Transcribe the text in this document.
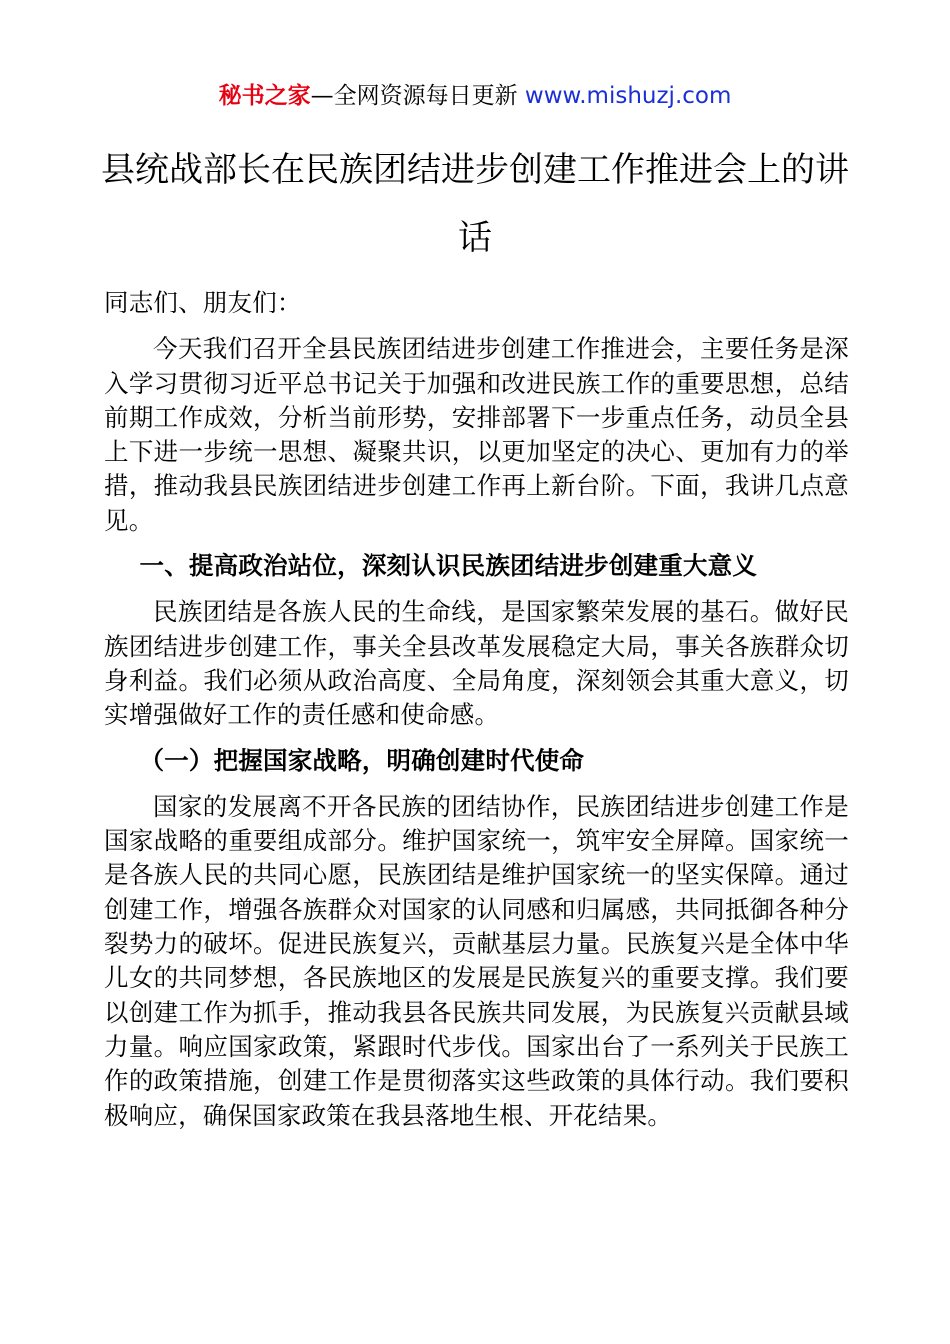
秘书之家—全网资源每日更新 www.mishuzj.com
县统战部长在民族团结进步创建工作推进会上的讲话

同志们、朋友们：

今天我们召开全县民族团结进步创建工作推进会，主要任务是深入学习贯彻习近平总书记关于加强和改进民族工作的重要思想，总结前期工作成效，分析当前形势，安排部署下一步重点任务，动员全县上下进一步统一思想、凝聚共识，以更加坚定的决心、更加有力的举措，推动我县民族团结进步创建工作再上新台阶。下面，我讲几点意见。

一、提高政治站位，深刻认识民族团结进步创建重大意义

民族团结是各族人民的生命线，是国家繁荣发展的基石。做好民族团结进步创建工作，事关全县改革发展稳定大局，事关各族群众切身利益。我们必须从政治高度、全局角度，深刻领会其重大意义，切实增强做好工作的责任感和使命感。

（一）把握国家战略，明确创建时代使命

国家的发展离不开各民族的团结协作，民族团结进步创建工作是国家战略的重要组成部分。维护国家统一，筑牢安全屏障。国家统一是各族人民的共同心愿，民族团结是维护国家统一的坚实保障。通过创建工作，增强各族群众对国家的认同感和归属感，共同抵御各种分裂势力的破坏。促进民族复兴，贡献基层力量。民族复兴是全体中华儿女的共同梦想，各民族地区的发展是民族复兴的重要支撑。我们要以创建工作为抓手，推动我县各民族共同发展，为民族复兴贡献县域力量。响应国家政策，紧跟时代步伐。国家出台了一系列关于民族工作的政策措施，创建工作是贯彻落实这些政策的具体行动。我们要积极响应，确保国家政策在我县落地生根、开花结果。
